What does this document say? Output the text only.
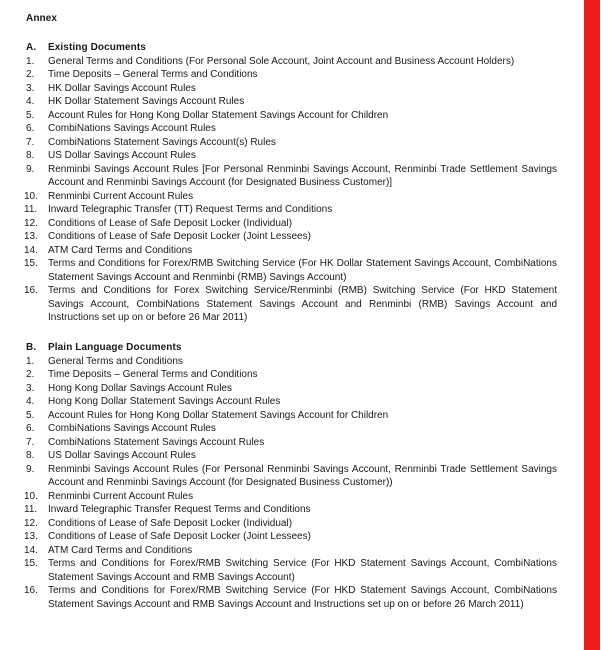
Annex
A.	Existing Documents
1.	General Terms and Conditions (For Personal Sole Account, Joint Account and Business Account Holders)
2.	Time Deposits – General Terms and Conditions
3.	HK Dollar Savings Account Rules
4.	HK Dollar Statement Savings Account Rules
5.	Account Rules for Hong Kong Dollar Statement Savings Account for Children
6.	CombiNations Savings Account Rules
7.	CombiNations Statement Savings Account(s) Rules
8.	US Dollar Savings Account Rules
9.	Renminbi Savings Account Rules [For Personal Renminbi Savings Account, Renminbi Trade Settlement Savings Account and Renminbi Savings Account (for Designated Business Customer)]
10.	Renminbi Current Account Rules
11.	Inward Telegraphic Transfer (TT) Request Terms and Conditions
12.	Conditions of Lease of Safe Deposit Locker (Individual)
13.	Conditions of Lease of Safe Deposit Locker (Joint Lessees)
14.	ATM Card Terms and Conditions
15.	Terms and Conditions for Forex/RMB Switching Service (For HK Dollar Statement Savings Account, CombiNations Statement Savings Account and Renminbi (RMB) Savings Account)
16.	Terms and Conditions for Forex Switching Service/Renminbi (RMB) Switching Service (For HKD Statement Savings Account, CombiNations Statement Savings Account and Renminbi (RMB) Savings Account and Instructions set up on or before 26 Mar 2011)
B.	Plain Language Documents
1.	General Terms and Conditions
2.	Time Deposits – General Terms and Conditions
3.	Hong Kong Dollar Savings Account Rules
4.	Hong Kong Dollar Statement Savings Account Rules
5.	Account Rules for Hong Kong Dollar Statement Savings Account for Children
6.	CombiNations Savings Account Rules
7.	CombiNations Statement Savings Account Rules
8.	US Dollar Savings Account Rules
9.	Renminbi Savings Account Rules (For Personal Renminbi Savings Account, Renminbi Trade Settlement Savings Account and Renminbi Savings Account (for Designated Business Customer))
10.	Renminbi Current Account Rules
11.	Inward Telegraphic Transfer Request Terms and Conditions
12.	Conditions of Lease of Safe Deposit Locker (Individual)
13.	Conditions of Lease of Safe Deposit Locker (Joint Lessees)
14.	ATM Card Terms and Conditions
15.	Terms and Conditions for Forex/RMB Switching Service (For HKD Statement Savings Account, CombiNations Statement Savings Account and RMB Savings Account)
16.	Terms and Conditions for Forex/RMB Switching Service (For HKD Statement Savings Account, CombiNations Statement Savings Account and RMB Savings Account and Instructions set up on or before 26 March 2011)
